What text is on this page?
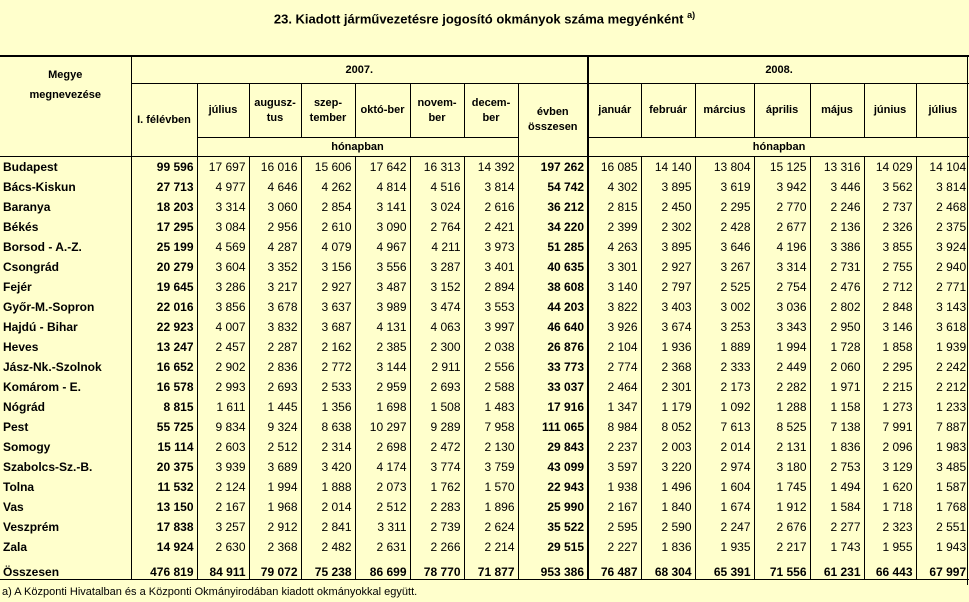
23. Kiadott járművezetésre jogosító okmányok száma megyénként $^{a)}$
Megye
megnevezése	2007.								2008.						
	I. félévben	július	augusz-tus	szep-tember	októ-ber	novem-ber	decem-ber	évben összesen	január	február	március	április	május	június	július
		hónapban							hónapban						
Budapest	99 596	17 697	16 016	15 606	17 642	16 313	14 392	197 262	16 085	14 140	13 804	15 125	13 316	14 029	14 104
Bács-Kiskun	27 713	4 977	4 646	4 262	4 814	4 516	3 814	54 742	4 302	3 895	3 619	3 942	3 446	3 562	3 814
Baranya	18 203	3 314	3 060	2 854	3 141	3 024	2 616	36 212	2 815	2 450	2 295	2 770	2 246	2 737	2 468
Békés	17 295	3 084	2 956	2 610	3 090	2 764	2 421	34 220	2 399	2 302	2 428	2 677	2 136	2 326	2 375
Borsod - A.-Z.	25 199	4 569	4 287	4 079	4 967	4 211	3 973	51 285	4 263	3 895	3 646	4 196	3 386	3 855	3 924
Csongrád	20 279	3 604	3 352	3 156	3 556	3 287	3 401	40 635	3 301	2 927	3 267	3 314	2 731	2 755	2 940
Fejér	19 645	3 286	3 217	2 927	3 487	3 152	2 894	38 608	3 140	2 797	2 525	2 754	2 476	2 712	2 771
Győr-M.-Sopron	22 016	3 856	3 678	3 637	3 989	3 474	3 553	44 203	3 822	3 403	3 002	3 036	2 802	2 848	3 143
Hajdú - Bihar	22 923	4 007	3 832	3 687	4 131	4 063	3 997	46 640	3 926	3 674	3 253	3 343	2 950	3 146	3 618
Heves	13 247	2 457	2 287	2 162	2 385	2 300	2 038	26 876	2 104	1 936	1 889	1 994	1 728	1 858	1 939
Jász-Nk.-Szolnok	16 652	2 902	2 836	2 772	3 144	2 911	2 556	33 773	2 774	2 368	2 333	2 449	2 060	2 295	2 242
Komárom - E.	16 578	2 993	2 693	2 533	2 959	2 693	2 588	33 037	2 464	2 301	2 173	2 282	1 971	2 215	2 212
Nógrád	8 815	1 611	1 445	1 356	1 698	1 508	1 483	17 916	1 347	1 179	1 092	1 288	1 158	1 273	1 233
Pest	55 725	9 834	9 324	8 638	10 297	9 289	7 958	111 065	8 984	8 052	7 613	8 525	7 138	7 991	7 887
Somogy	15 114	2 603	2 512	2 314	2 698	2 472	2 130	29 843	2 237	2 003	2 014	2 131	1 836	2 096	1 983
Szabolcs-Sz.-B.	20 375	3 939	3 689	3 420	4 174	3 774	3 759	43 099	3 597	3 220	2 974	3 180	2 753	3 129	3 485
Tolna	11 532	2 124	1 994	1 888	2 073	1 762	1 570	22 943	1 938	1 496	1 604	1 745	1 494	1 620	1 587
Vas	13 150	2 167	1 968	2 014	2 512	2 283	1 896	25 990	2 167	1 840	1 674	1 912	1 584	1 718	1 768
Veszprém	17 838	3 257	2 912	2 841	3 311	2 739	2 624	35 522	2 595	2 590	2 247	2 676	2 277	2 323	2 551
Zala	14 924	2 630	2 368	2 482	2 631	2 266	2 214	29 515	2 227	1 836	1 935	2 217	1 743	1 955	1 943
Összesen	476 819	84 911	79 072	75 238	86 699	78 770	71 877	953 386	76 487	68 304	65 391	71 556	61 231	66 443	67 997
a) A Központi Hivatalban és a Központi Okmányirodában kiadott okmányokkal együtt.
